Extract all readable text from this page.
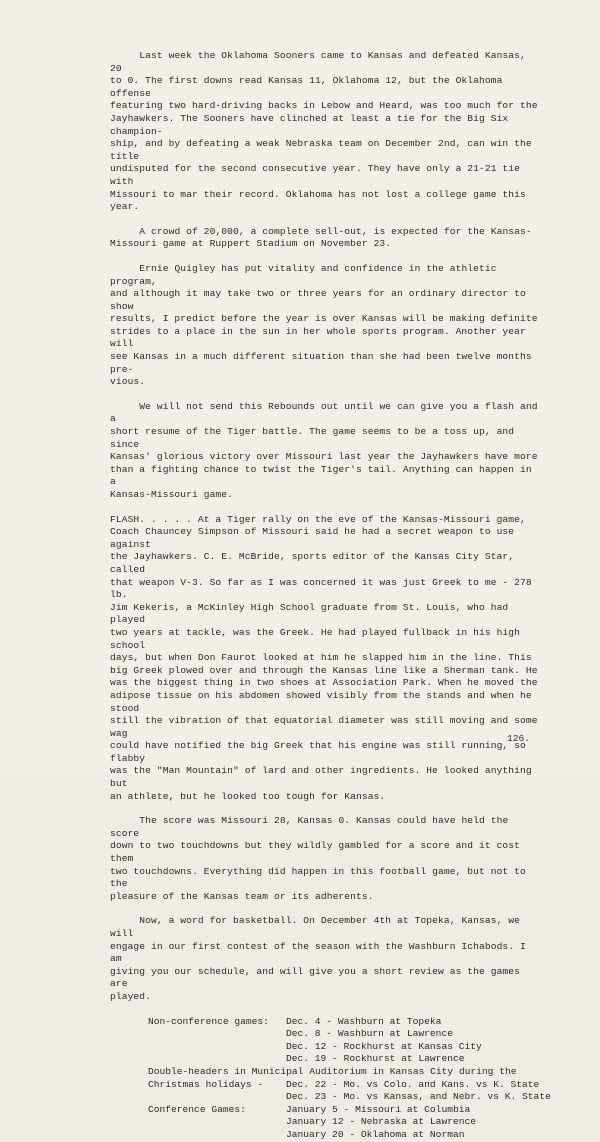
Last week the Oklahoma Sooners came to Kansas and defeated Kansas, 20
to 0. The first downs read Kansas 11, Oklahoma 12, but the Oklahoma offense
featuring two hard-driving backs in Lebow and Heard, was too much for the
Jayhawkers. The Sooners have clinched at least a tie for the Big Six champion-
ship, and by defeating a weak Nebraska team on December 2nd, can win the title
undisputed for the second consecutive year. They have only a 21-21 tie with
Missouri to mar their record. Oklahoma has not lost a college game this year.

A crowd of 20,000, a complete sell-out, is expected for the Kansas-
Missouri game at Ruppert Stadium on November 23.

Ernie Quigley has put vitality and confidence in the athletic program,
and although it may take two or three years for an ordinary director to show
results, I predict before the year is over Kansas will be making definite
strides to a place in the sun in her whole sports program. Another year will
see Kansas in a much different situation than she had been twelve months pre-
vious.

We will not send this Rebounds out until we can give you a flash and a
short resume of the Tiger battle. The game seems to be a toss up, and since
Kansas' glorious victory over Missouri last year the Jayhawkers have more
than a fighting chance to twist the Tiger's tail. Anything can happen in a
Kansas-Missouri game.

FLASH. . . . . At a Tiger rally on the eve of the Kansas-Missouri game,
Coach Chauncey Simpson of Missouri said he had a secret weapon to use against
the Jayhawkers. C. E. McBride, sports editor of the Kansas City Star, called
that weapon V-3. So far as I was concerned it was just Greek to me - 278 lb.
Jim Kekeris, a McKinley High School graduate from St. Louis, who had played
two years at tackle, was the Greek. He had played fullback in his high school
days, but when Don Faurot looked at him he slapped him in the line. This
big Greek plowed over and through the Kansas line like a Sherman tank. He
was the biggest thing in two shoes at Association Park. When he moved the
adipose tissue on his abdomen showed visibly from the stands and when he stood
still the vibration of that equatorial diameter was still moving and some wag
could have notified the big Greek that his engine was still running, so flabby
was the "Man Mountain" of lard and other ingredients. He looked anything but
an athlete, but he looked too tough for Kansas.

The score was Missouri 28, Kansas 0. Kansas could have held the score
down to two touchdowns but they wildly gambled for a score and it cost them
two touchdowns. Everything did happen in this football game, but not to the
pleasure of the Kansas team or its adherents.

Now, a word for basketball. On December 4th at Topeka, Kansas, we will
engage in our first contest of the season with the Washburn Ichabods. I am
giving you our schedule, and will give you a short review as the games are
played.

Non-conference games:	Dec. 4 - Washburn at Topeka
Dec. 8 - Washburn at Lawrence
Dec. 12 - Rockhurst at Kansas City
Dec. 19 - Rockhurst at Lawrence
Double-headers in Municipal Auditorium in Kansas City during the
Christmas holidays -	Dec. 22 - Mo. vs Colo. and Kans. vs K. State
Dec. 23 - Mo. vs Kansas, and Nebr. vs K. State
Conference Games:	January 5 - Missouri at Columbia
January 12 - Nebraska at Lawrence
January 20 - Oklahoma at Norman
126.
